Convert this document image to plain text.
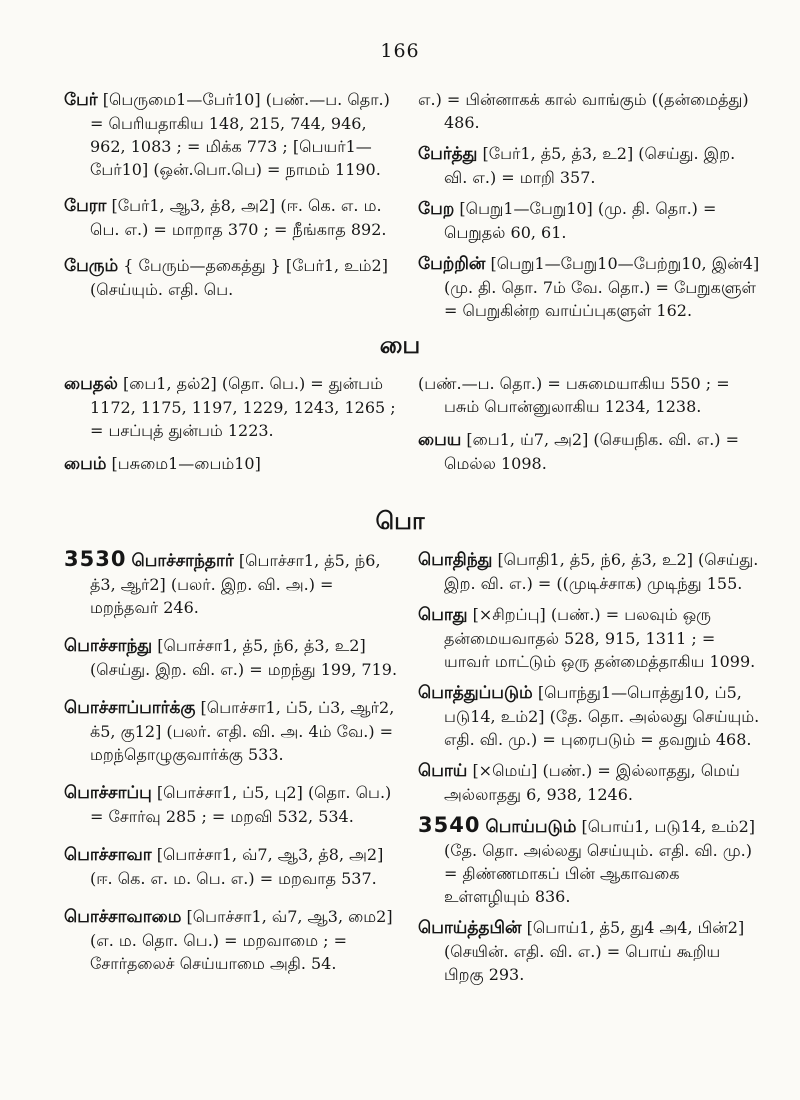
166

பேர் [பெருமை1—பேர்10] (பண்.—ப. தொ.) = பெரியதாகிய 148, 215, 744, 946, 962, 1083 ; = மிக்க 773 ; [பெயர்1—பேர்10] (ஒன்.பொ.பெ) = நாமம் 1190.

பேரா [பேர்1, ஆ3, த்8, அ2] (ஈ. கெ. எ. ம. பெ. எ.) = மாறாத 370 ; = நீங்காத 892.

பேரும் { பேரும்—தகைத்து } [பேர்1, உம்2] (செய்யும். எதி. பெ.

எ.) = பின்னாகக் கால் வாங்கும் ((தன்மைத்து) 486.

பேர்த்து [பேர்1, த்5, த்3, உ2] (செய்து. இற. வி. எ.) = மாறி 357.

பேற [பெறு1—பேறு10] (மு. தி. தொ.) = பெறுதல் 60, 61.

பேற்றின் [பெறு1—பேறு10—பேற்று10, இன்4] (மு. தி. தொ. 7ம் வே. தொ.) = பேறுகளுள் = பெறுகின்ற வாய்ப்புகளுள் 162.

பை

பைதல் [பை1, தல்2] (தொ. பெ.) = துன்பம் 1172, 1175, 1197, 1229, 1243, 1265 ; = பசப்புத் துன்பம் 1223.

பைம் [பசுமை1—பைம்10]

(பண்.—ப. தொ.) = பசுமையாகிய 550 ; = பசும் பொன்னுலாகிய 1234, 1238.

பைய [பை1, ய்7, அ2] (செயநிக. வி. எ.) = மெல்ல 1098.

பொ

3530 பொச்சாந்தார் [பொச்சா1, த்5, ந்6, த்3, ஆர்2] (பலர். இற. வி. அ.) = மறந்தவர் 246.

பொச்சாந்து [பொச்சா1, த்5, ந்6, த்3, உ2] (செய்து. இற. வி. எ.) = மறந்து 199, 719.

பொச்சாப்பார்க்கு [பொச்சா1, ப்5, ப்3, ஆர்2, க்5, கு12] (பலர். எதி. வி. அ. 4ம் வே.) = மறந்தொழுகுவார்க்கு 533.

பொச்சாப்பு [பொச்சா1, ப்5, பு2] (தொ. பெ.) = சோர்வு 285 ; = மறவி 532, 534.

பொச்சாவா [பொச்சா1, வ்7, ஆ3, த்8, அ2] (ஈ. கெ. எ. ம. பெ. எ.) = மறவாத 537.

பொச்சாவாமை [பொச்சா1, வ்7, ஆ3, மை2] (எ. ம. தொ. பெ.) = மறவாமை ; = சோர்தலைச் செய்யாமை அதி. 54.

பொதிந்து [பொதி1, த்5, ந்6, த்3, உ2] (செய்து. இற. வி. எ.) = ((முடிச்சாக) முடிந்து 155.

பொது [×சிறப்பு] (பண்.) = பலவும் ஒரு தன்மையவாதல் 528, 915, 1311 ; = யாவர் மாட்டும் ஒரு தன்மைத்தாகிய 1099.

பொத்துப்படும் [பொந்து1—பொத்து10, ப்5, படு14, உம்2] (தே. தொ. அல்லது செய்யும். எதி. வி. மு.) = புரைபடும் = தவறும் 468.

பொய் [×மெய்] (பண்.) = இல்லாதது, மெய் அல்லாதது 6, 938, 1246.

3540 பொய்படும் [பொய்1, படு14, உம்2] (தே. தொ. அல்லது செய்யும். எதி. வி. மு.) = திண்ணமாகப் பின் ஆகாவகை உள்ளழியும் 836.

பொய்த்தபின் [பொய்1, த்5, து4 அ4, பின்2] (செயின். எதி. வி. எ.) = பொய் கூறிய பிறகு 293.
